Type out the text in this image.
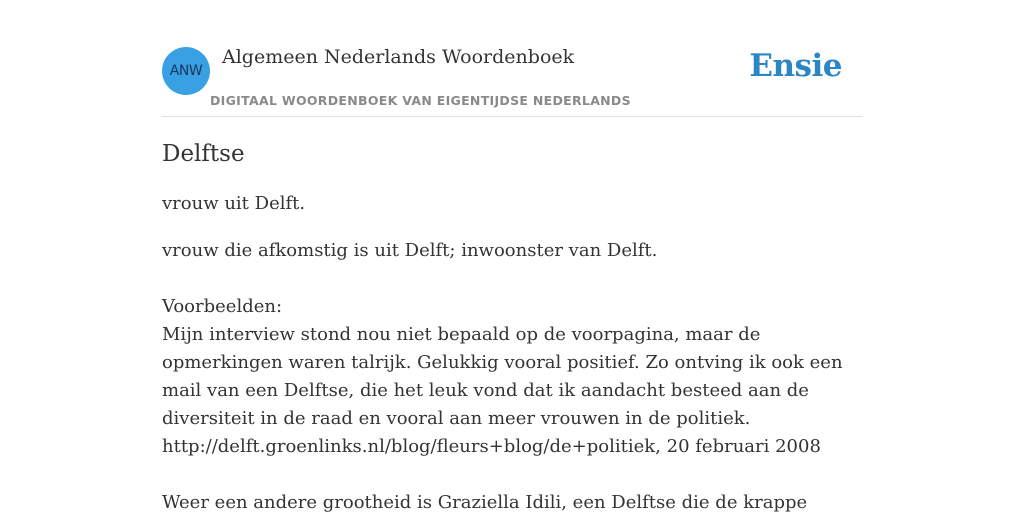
ANW
Algemeen Nederlands Woordenboek
DIGITAAL WOORDENBOEK VAN EIGENTIJDSE NEDERLANDS
Ensie
Delftse

vrouw uit Delft.

vrouw die afkomstig is uit Delft; inwoonster van Delft.

Voorbeelden:

Mijn interview stond nou niet bepaald op de voorpagina, maar de opmerkingen waren talrijk. Gelukkig vooral positief. Zo ontving ik ook een mail van een Delftse, die het leuk vond dat ik aandacht besteed aan de diversiteit in de raad en vooral aan meer vrouwen in de politiek.

http://delft.groenlinks.nl/blog/fleurs+blog/de+politiek, 20 februari 2008

Weer een andere grootheid is Graziella Idili, een Delftse die de krappe
